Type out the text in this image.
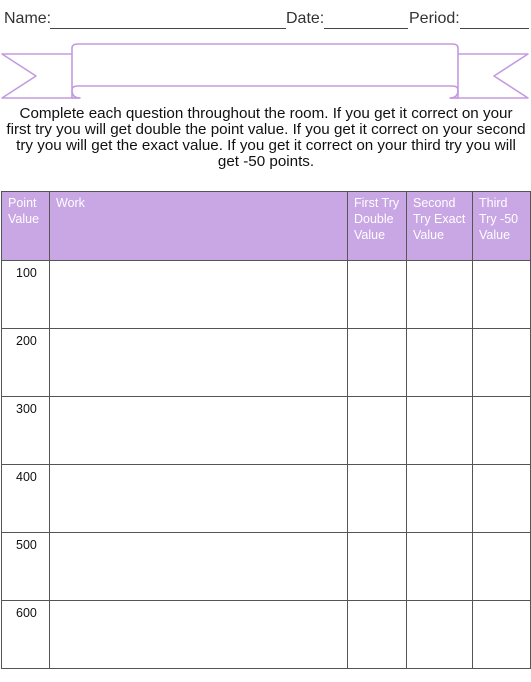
Name:	Date:	Period:
Complete each question throughout the room. If you get it correct on your first try you will get double the point value. If you get it correct on your second try you will get the exact value. If you get it correct on your third try you will get -50 points.
Point Value	Work	First Try Double Value	Second Try Exact Value	Third Try -50 Value
100				
200				
300				
400				
500				
600				
